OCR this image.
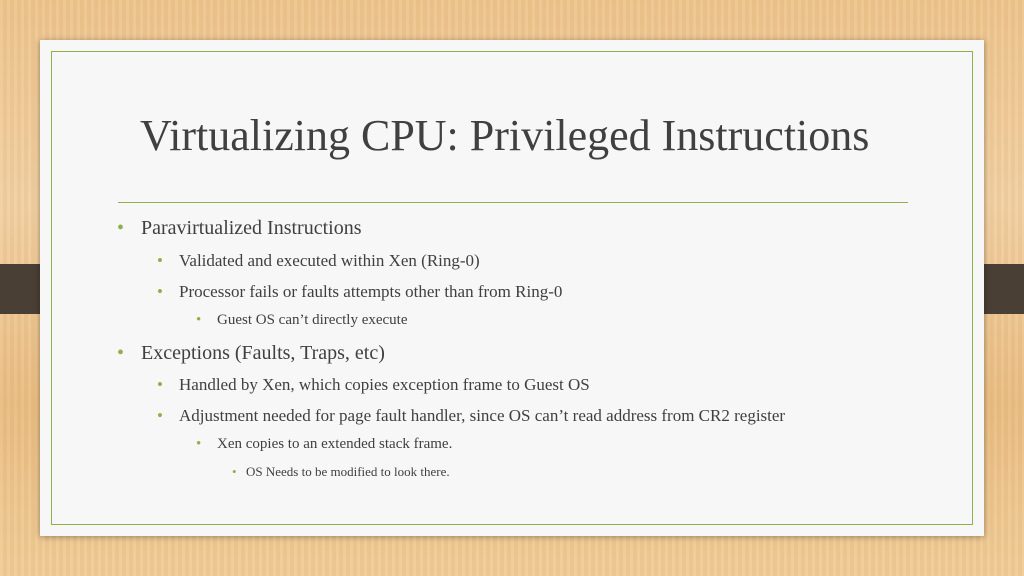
Virtualizing CPU: Privileged Instructions
• Paravirtualized Instructions
• Validated and executed within Xen (Ring-0)
• Processor fails or faults attempts other than from Ring-0
• Guest OS can’t directly execute
• Exceptions (Faults, Traps, etc)
• Handled by Xen, which copies exception frame to Guest OS
• Adjustment needed for page fault handler, since OS can’t read address from CR2 register
• Xen copies to an extended stack frame.
• OS Needs to be modified to look there.
